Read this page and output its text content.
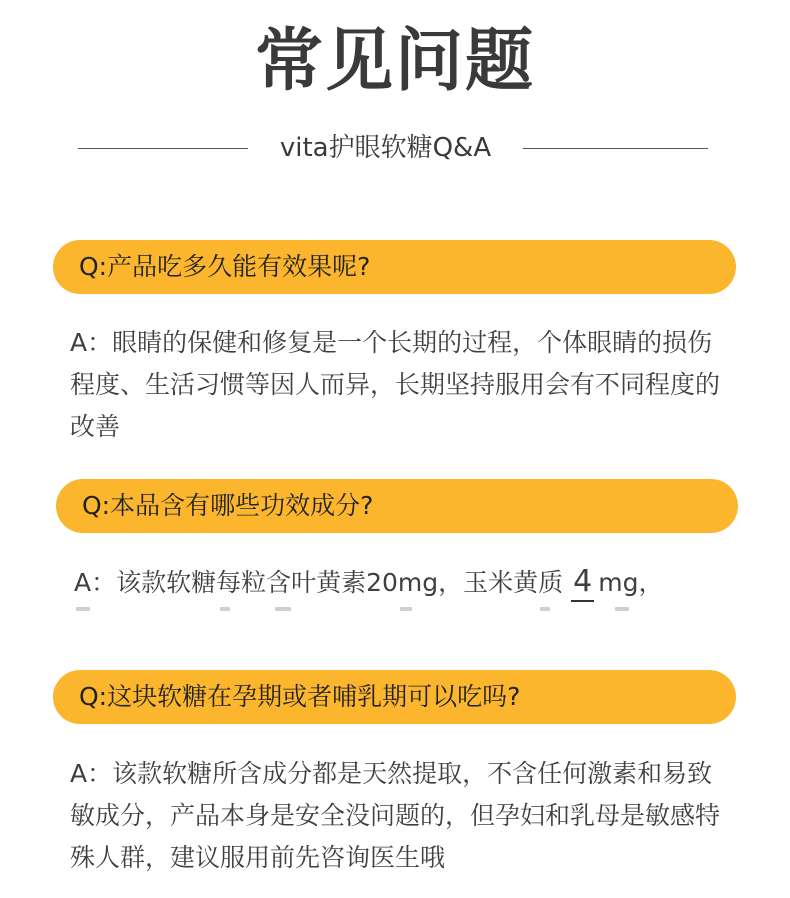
常见问题
vita护眼软糖Q&A
Q:产品吃多久能有效果呢?
A：眼睛的保健和修复是一个长期的过程，个体眼睛的损伤程度、生活习惯等因人而异，长期坚持服用会有不同程度的改善
Q:本品含有哪些功效成分?
A：该款软糖每粒含叶黄素20mg，玉米黄质 4 mg，
Q:这块软糖在孕期或者哺乳期可以吃吗?
A：该款软糖所含成分都是天然提取，不含任何激素和易致敏成分，产品本身是安全没问题的，但孕妇和乳母是敏感特殊人群，建议服用前先咨询医生哦
